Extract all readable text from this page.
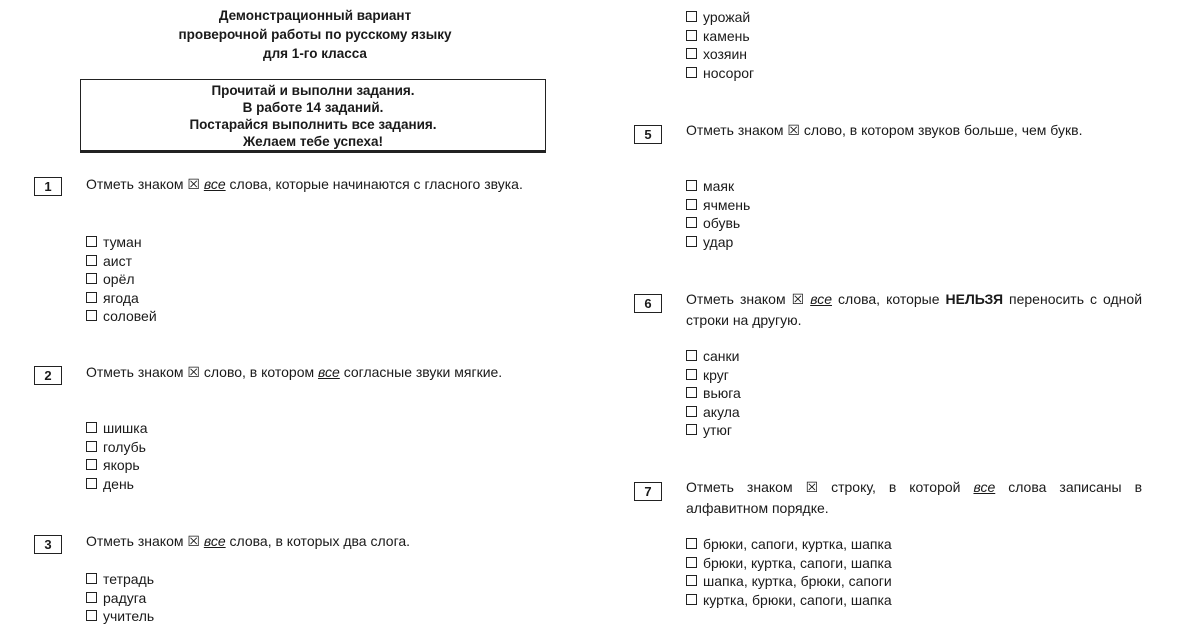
Демонстрационный вариант
проверочной работы по русскому языку
для 1-го класса
Прочитай и выполни задания.
В работе 14 заданий.
Постарайся выполнить все задания.
Желаем тебе успеха!
1	Отметь знаком ☒ все слова, которые начинаются с гласного звука.
туман
аист
орёл
ягода
соловей
2	Отметь знаком ☒ слово, в котором все согласные звуки мягкие.
шишка
голубь
якорь
день
3	Отметь знаком ☒ все слова, в которых два слога.
тетрадь
радуга
учитель
урожай
камень
хозяин
носорог
5	Отметь знаком ☒ слово, в котором звуков больше, чем букв.
маяк
ячмень
обувь
удар
6	Отметь знаком ☒ все слова, которые НЕЛЬЗЯ переносить с одной строки на другую.
санки
круг
вьюга
акула
утюг
7	Отметь знаком ☒ строку, в которой все слова записаны в алфавитном порядке.
брюки, сапоги, куртка, шапка
брюки, куртка, сапоги, шапка
шапка, куртка, брюки, сапоги
куртка, брюки, сапоги, шапка
